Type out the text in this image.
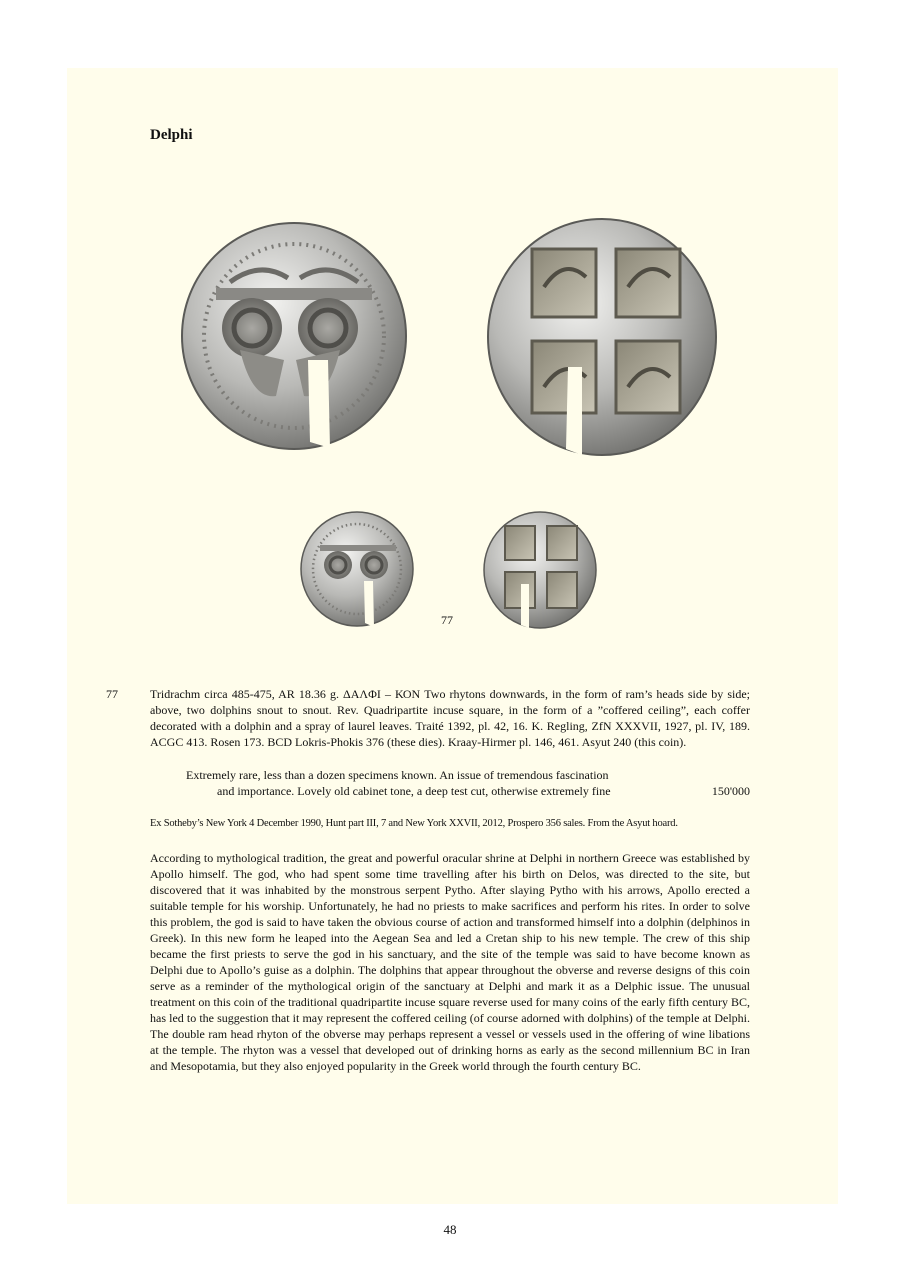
Delphi
77
77	Tridrachm circa 485-475, AR 18.36 g. ΔΑΛΦΙ – ΚΟΝ Two rhytons downwards, in the form of ram’s heads side by side; above, two dolphins snout to snout. Rev. Quadripartite incuse square, in the form of a ”coffered ceiling”, each coffer decorated with a dolphin and a spray of laurel leaves. Traité 1392, pl. 42, 16. K. Regling, ZfN XXXVII, 1927, pl. IV, 189. ACGC 413. Rosen 173. BCD Lokris-Phokis 376 (these dies). Kraay-Hirmer pl. 146, 461. Asyut 240 (this coin).
Extremely rare, less than a dozen specimens known. An issue of tremendous fascination
and importance. Lovely old cabinet tone, a deep test cut, otherwise extremely fine	150'000
Ex Sotheby’s New York 4 December 1990, Hunt part III, 7 and New York XXVII, 2012, Prospero 356 sales. From the Asyut hoard.
According to mythological tradition, the great and powerful oracular shrine at Delphi in northern Greece was established by Apollo himself. The god, who had spent some time travelling after his birth on Delos, was directed to the site, but discovered that it was inhabited by the monstrous serpent Pytho. After slaying Pytho with his arrows, Apollo erected a suitable temple for his worship. Unfortunately, he had no priests to make sacrifices and perform his rites. In order to solve this problem, the god is said to have taken the obvious course of action and transformed himself into a dolphin (delphinos in Greek). In this new form he leaped into the Aegean Sea and led a Cretan ship to his new temple. The crew of this ship became the first priests to serve the god in his sanctuary, and the site of the temple was said to have become known as Delphi due to Apollo’s guise as a dolphin. The dolphins that appear throughout the obverse and reverse designs of this coin serve as a reminder of the mythological origin of the sanctuary at Delphi and mark it as a Delphic issue. The unusual treatment on this coin of the traditional quadripartite incuse square reverse used for many coins of the early fifth century BC, has led to the suggestion that it may represent the coffered ceiling (of course adorned with dolphins) of the temple at Delphi. The double ram head rhyton of the obverse may perhaps represent a vessel or vessels used in the offering of wine libations at the temple. The rhyton was a vessel that developed out of drinking horns as early as the second millennium BC in Iran and Mesopotamia, but they also enjoyed popularity in the Greek world through the fourth century BC.
48
